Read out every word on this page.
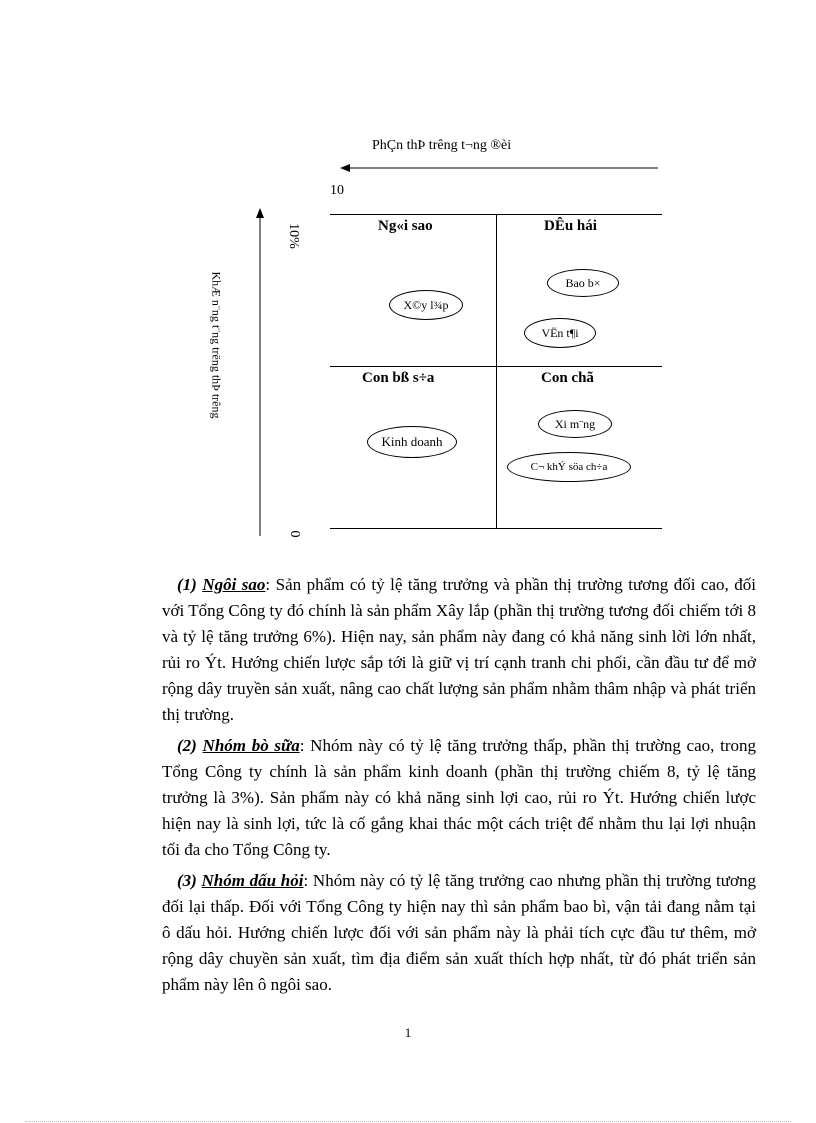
PhÇn thÞ trêng t¬ng ®èi
10
KhÆ n¨ng t¨ng trëng thÞ trêng
10%
0
Ng«i sao	DÊu hái
Con bß s÷a	Con chã
X©y l¾p
Bao b×
VËn t¶i
Kinh doanh
Xi m¨ng
C¬ khÝ söa ch÷a

(1) Ngôi sao: Sản phẩm có tỷ lệ tăng trưởng và phần thị trường tương đối cao, đối với Tổng Công ty đó chính là sản phẩm Xây lắp (phần thị trường tương đối chiếm tới 8 và tỷ lệ tăng trưởng 6%). Hiện nay, sản phẩm này đang có khả năng sinh lời lớn nhất, rủi ro Ýt. Hướng chiến lược sắp tới là giữ vị trí cạnh tranh chi phối, cần đầu tư để mở rộng dây truyền sản xuất, nâng cao chất lượng sản phẩm nhằm thâm nhập và phát triển thị trường.

(2) Nhóm bò sữa: Nhóm này có tỷ lệ tăng trưởng thấp, phần thị trường cao, trong Tổng Công ty chính là sản phẩm kinh doanh (phần thị trường chiếm 8, tỷ lệ tăng trưởng là 3%). Sản phẩm này có khả năng sinh lợi cao, rủi ro Ýt. Hướng chiến lược hiện nay là sinh lợi, tức là cố gắng khai thác một cách triệt để nhằm thu lại lợi nhuận tối đa cho Tổng Công ty.

(3) Nhóm dấu hỏi: Nhóm này có tỷ lệ tăng trưởng cao nhưng phần thị trường tương đối lại thấp. Đối với Tổng Công ty hiện nay thì sản phẩm bao bì, vận tải đang nằm tại ô dấu hỏi. Hướng chiến lược đối với sản phẩm này là phải tích cực đầu tư thêm, mở rộng dây chuyền sản xuất, tìm địa điểm sản xuất thích hợp nhất, từ đó phát triển sản phẩm này lên ô ngôi sao.

1
